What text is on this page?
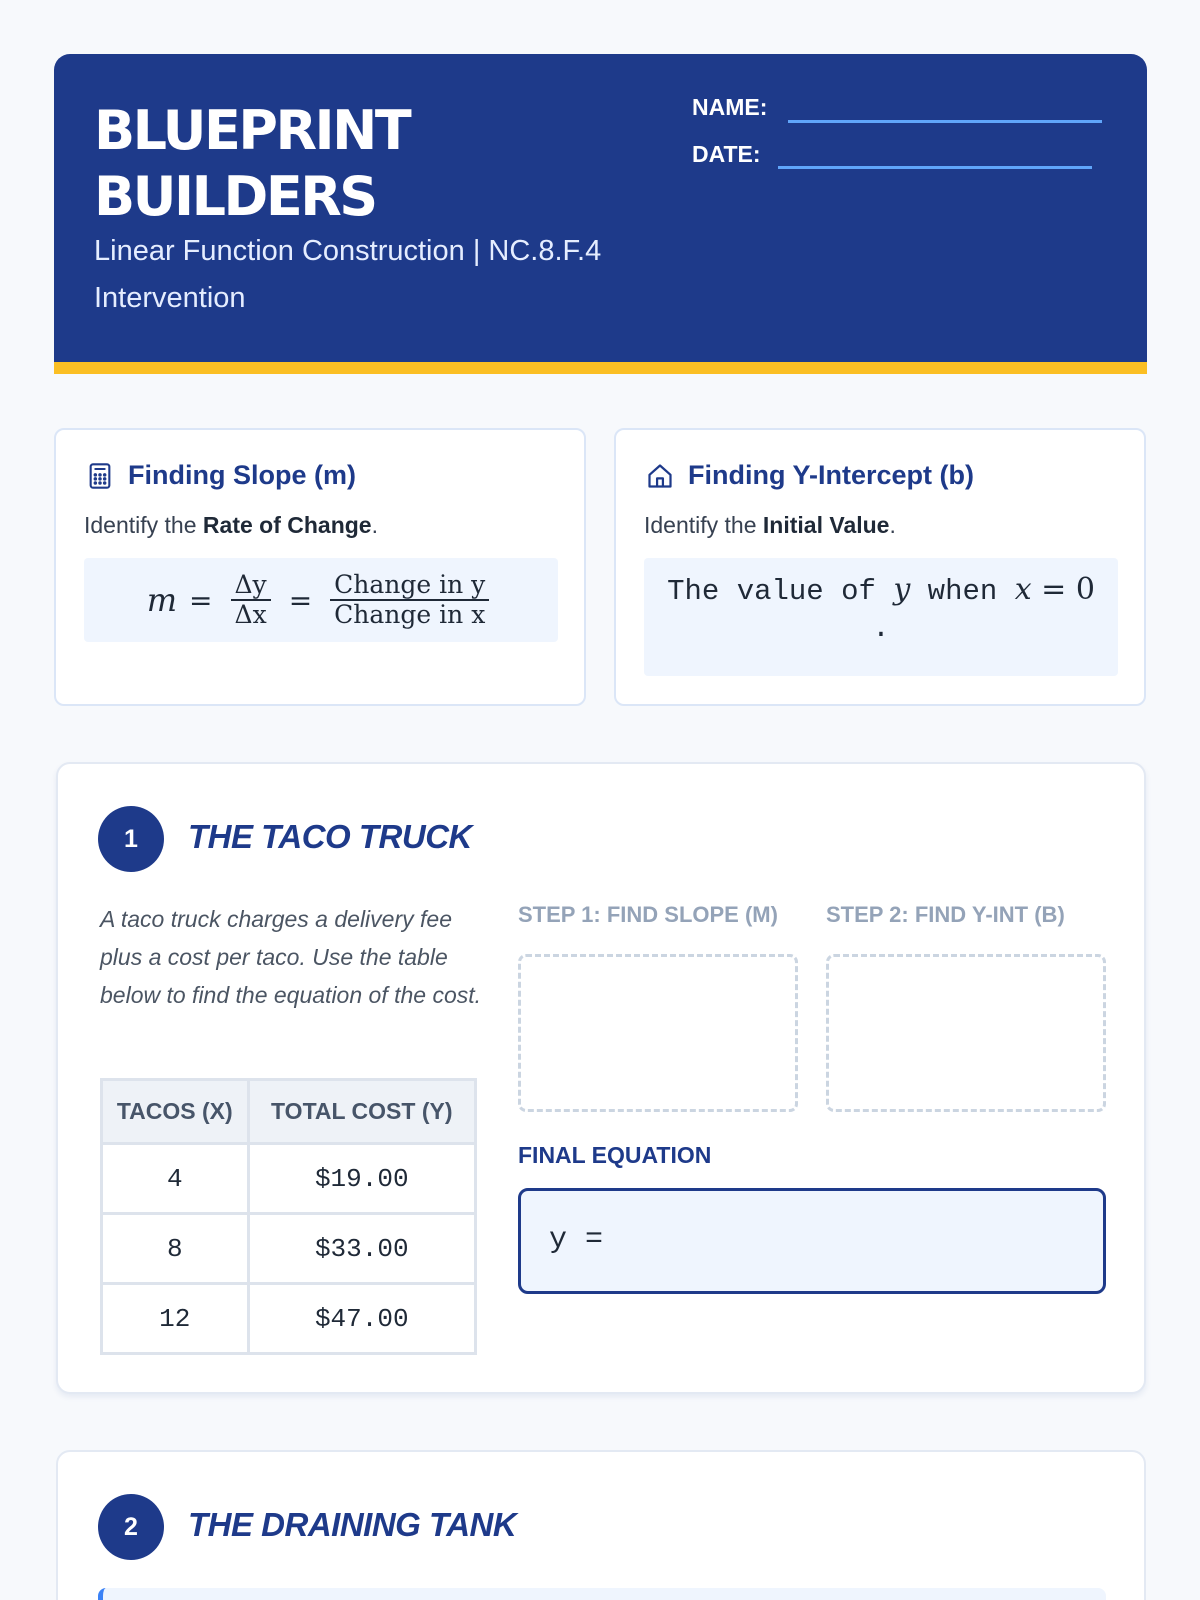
BLUEPRINT
BUILDERS
Linear Function Construction | NC.8.F.4 Intervention
NAME:
DATE:
Finding Slope (m)
Identify the Rate of Change.
$m = \frac{\Delta y}{\Delta x} = \frac{\text{Change in y}}{\text{Change in x}}$
Finding Y-Intercept (b)
Identify the Initial Value.
The value of y when x = 0
.
1	THE TACO TRUCK
A taco truck charges a delivery fee plus a cost per taco. Use the table below to find the equation of the cost.
TACOS (X)	TOTAL COST (Y)
4	$19.00
8	$33.00
12	$47.00
STEP 1: FIND SLOPE (M) STEP 2: FIND Y-INT (B)
FINAL EQUATION
y =
2	THE DRAINING TANK
